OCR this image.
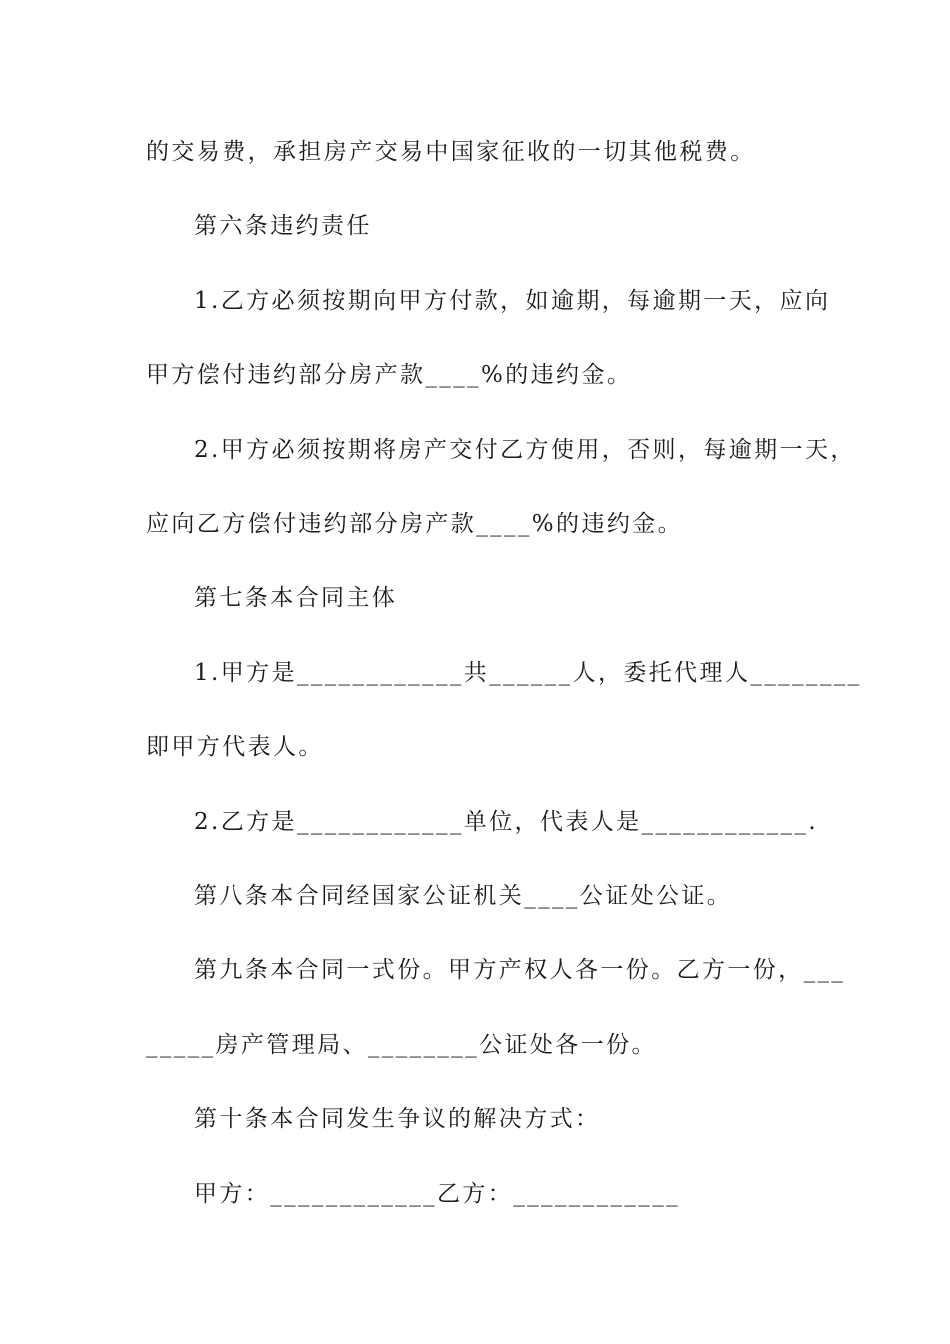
的交易费，承担房产交易中国家征收的一切其他税费。

第六条违约责任

1.乙方必须按期向甲方付款，如逾期，每逾期一天，应向

甲方偿付违约部分房产款____%的违约金。

2.甲方必须按期将房产交付乙方使用，否则，每逾期一天，

应向乙方偿付违约部分房产款____%的违约金。

第七条本合同主体

1.甲方是____________共______人，委托代理人________

即甲方代表人。

2.乙方是____________单位，代表人是____________.

第八条本合同经国家公证机关____公证处公证。

第九条本合同一式份。甲方产权人各一份。乙方一份，___

_____房产管理局、________公证处各一份。

第十条本合同发生争议的解决方式：

甲方：____________乙方：____________
